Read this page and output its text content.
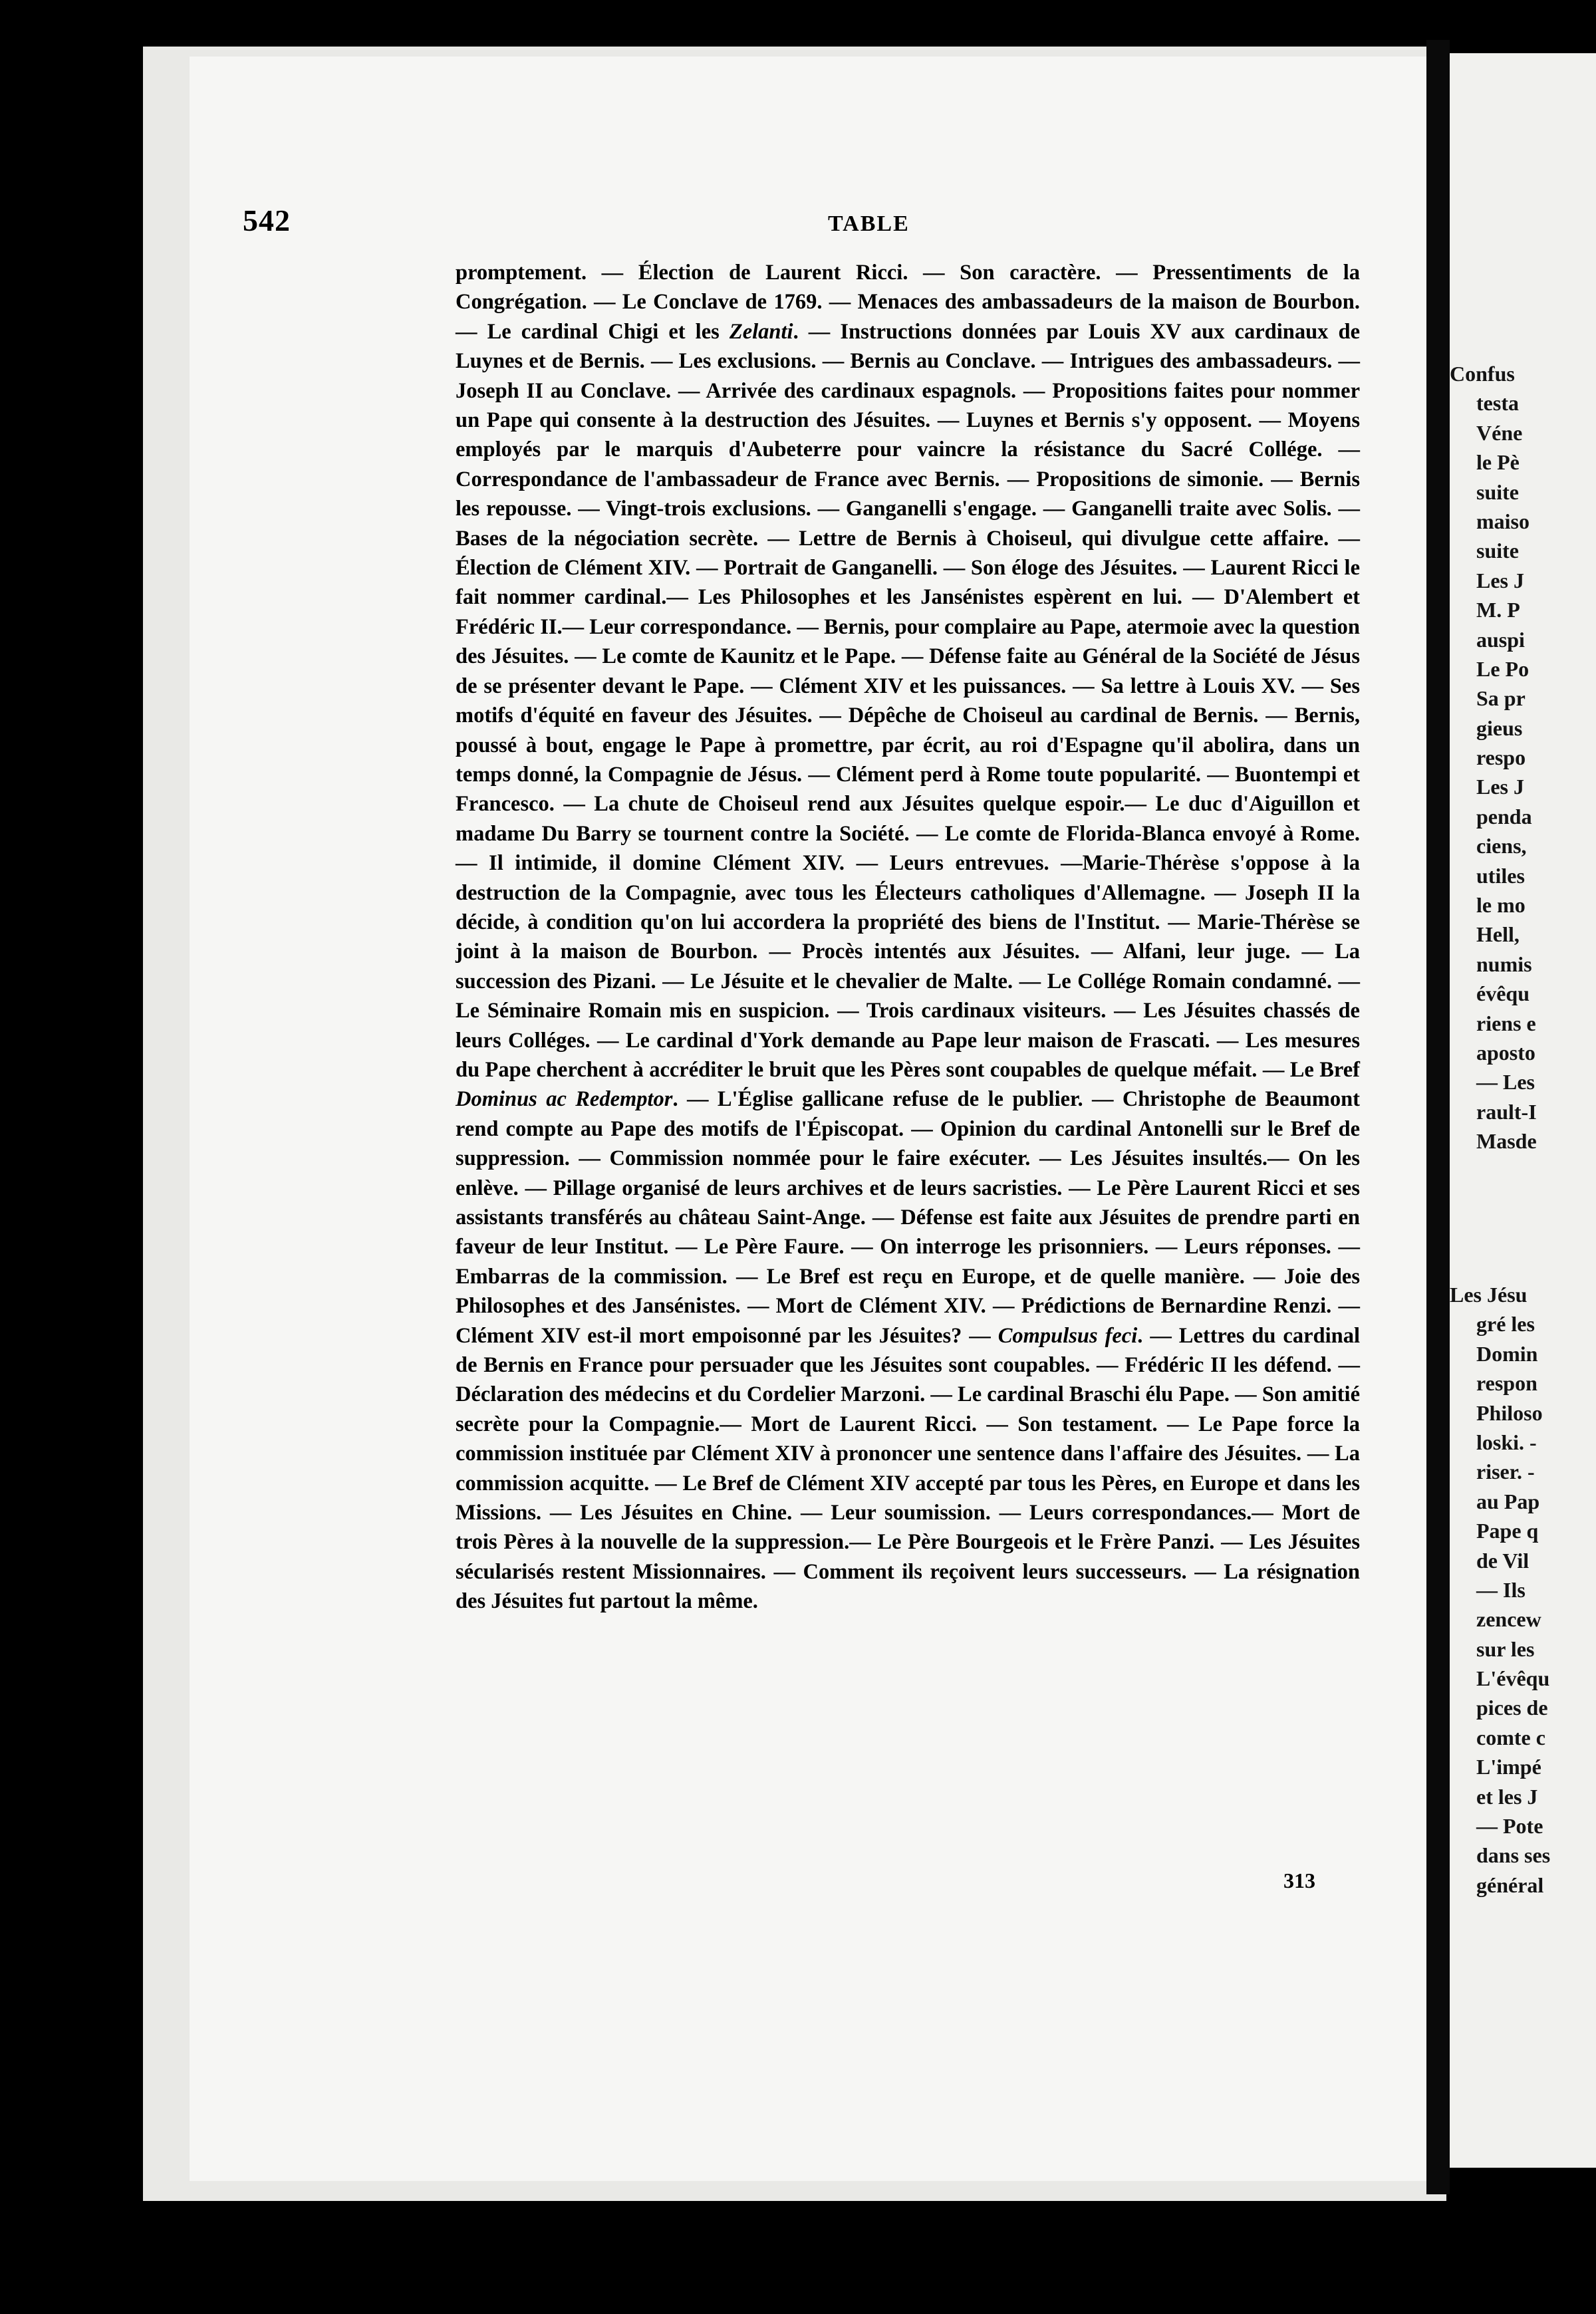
542	TABLE

promptement. — Élection de Laurent Ricci. — Son caractère. — Pressentiments de la Congrégation. — Le Conclave de 1769. — Menaces des ambassadeurs de la maison de Bourbon. — Le cardinal Chigi et les Zelanti. — Instructions données par Louis XV aux cardinaux de Luynes et de Bernis. — Les exclusions. — Bernis au Conclave. — Intrigues des ambassadeurs. — Joseph II au Conclave. — Arrivée des cardinaux espagnols. — Propositions faites pour nommer un Pape qui consente à la destruction des Jésuites. — Luynes et Bernis s'y opposent. — Moyens employés par le marquis d'Aubeterre pour vaincre la résistance du Sacré Collége. — Correspondance de l'ambassadeur de France avec Bernis. — Propositions de simonie. — Bernis les repousse. — Vingt-trois exclusions. — Ganganelli s'engage. — Ganganelli traite avec Solis. — Bases de la négociation secrète. — Lettre de Bernis à Choiseul, qui divulgue cette affaire. — Élection de Clément XIV. — Portrait de Ganganelli. — Son éloge des Jésuites. — Laurent Ricci le fait nommer cardinal.— Les Philosophes et les Jansénistes espèrent en lui. — D'Alembert et Frédéric II.— Leur correspondance. — Bernis, pour complaire au Pape, atermoie avec la question des Jésuites. — Le comte de Kaunitz et le Pape. — Défense faite au Général de la Société de Jésus de se présenter devant le Pape. — Clément XIV et les puissances. — Sa lettre à Louis XV. — Ses motifs d'équité en faveur des Jésuites. — Dépêche de Choiseul au cardinal de Bernis. — Bernis, poussé à bout, engage le Pape à promettre, par écrit, au roi d'Espagne qu'il abolira, dans un temps donné, la Compagnie de Jésus. — Clément perd à Rome toute popularité. — Buontempi et Francesco. — La chute de Choiseul rend aux Jésuites quelque espoir.— Le duc d'Aiguillon et madame Du Barry se tournent contre la Société. — Le comte de Florida-Blanca envoyé à Rome. — Il intimide, il domine Clément XIV. — Leurs entrevues. —Marie-Thérèse s'oppose à la destruction de la Compagnie, avec tous les Électeurs catholiques d'Allemagne. — Joseph II la décide, à condition qu'on lui accordera la propriété des biens de l'Institut. — Marie-Thérèse se joint à la maison de Bourbon. — Procès intentés aux Jésuites. — Alfani, leur juge. — La succession des Pizani. — Le Jésuite et le chevalier de Malte. — Le Collége Romain condamné. — Le Séminaire Romain mis en suspicion. — Trois cardinaux visiteurs. — Les Jésuites chassés de leurs Colléges. — Le cardinal d'York demande au Pape leur maison de Frascati. — Les mesures du Pape cherchent à accréditer le bruit que les Pères sont coupables de quelque méfait. — Le Bref Dominus ac Redemptor. — L'Église gallicane refuse de le publier. — Christophe de Beaumont rend compte au Pape des motifs de l'Épiscopat. — Opinion du cardinal Antonelli sur le Bref de suppression. — Commission nommée pour le faire exécuter. — Les Jésuites insultés.— On les enlève. — Pillage organisé de leurs archives et de leurs sacristies. — Le Père Laurent Ricci et ses assistants transférés au château Saint-Ange. — Défense est faite aux Jésuites de prendre parti en faveur de leur Institut. — Le Père Faure. — On interroge les prisonniers. — Leurs réponses. — Embarras de la commission. — Le Bref est reçu en Europe, et de quelle manière. — Joie des Philosophes et des Jansénistes. — Mort de Clément XIV. — Prédictions de Bernardine Renzi. — Clément XIV est-il mort empoisonné par les Jésuites? — Compulsus feci. — Lettres du cardinal de Bernis en France pour persuader que les Jésuites sont coupables. — Frédéric II les défend. — Déclaration des médecins et du Cordelier Marzoni. — Le cardinal Braschi élu Pape. — Son amitié secrète pour la Compagnie.— Mort de Laurent Ricci. — Son testament. — Le Pape force la commission instituée par Clément XIV à prononcer une sentence dans l'affaire des Jésuites. — La commission acquitte. — Le Bref de Clément XIV accepté par tous les Pères, en Europe et dans les Missions. — Les Jésuites en Chine. — Leur soumission. — Leurs correspondances.— Mort de trois Pères à la nouvelle de la suppression.— Le Père Bourgeois et le Frère Panzi. — Les Jésuites sécularisés restent Missionnaires. — Comment ils reçoivent leurs successeurs. — La résignation des Jésuites fut partout la même.

313

Confus
testa
Véne
le Pè
suite
maiso
suite
Les J
M. P
auspi
Le Po
Sa pr
gieus
respo
Les J
penda
ciens,
utiles
le mo
Hell,
numis
évêqu
riens e
aposto
— Les
rault-I
Masde
Les Jésu
gré les
Domin
respon
Philoso
loski. -
riser. -
au Pap
Pape q
de Vil
— Ils
zencew
sur les
L'évêqu
pices de
comte c
L'impé
et les J
— Pote
dans ses
général
